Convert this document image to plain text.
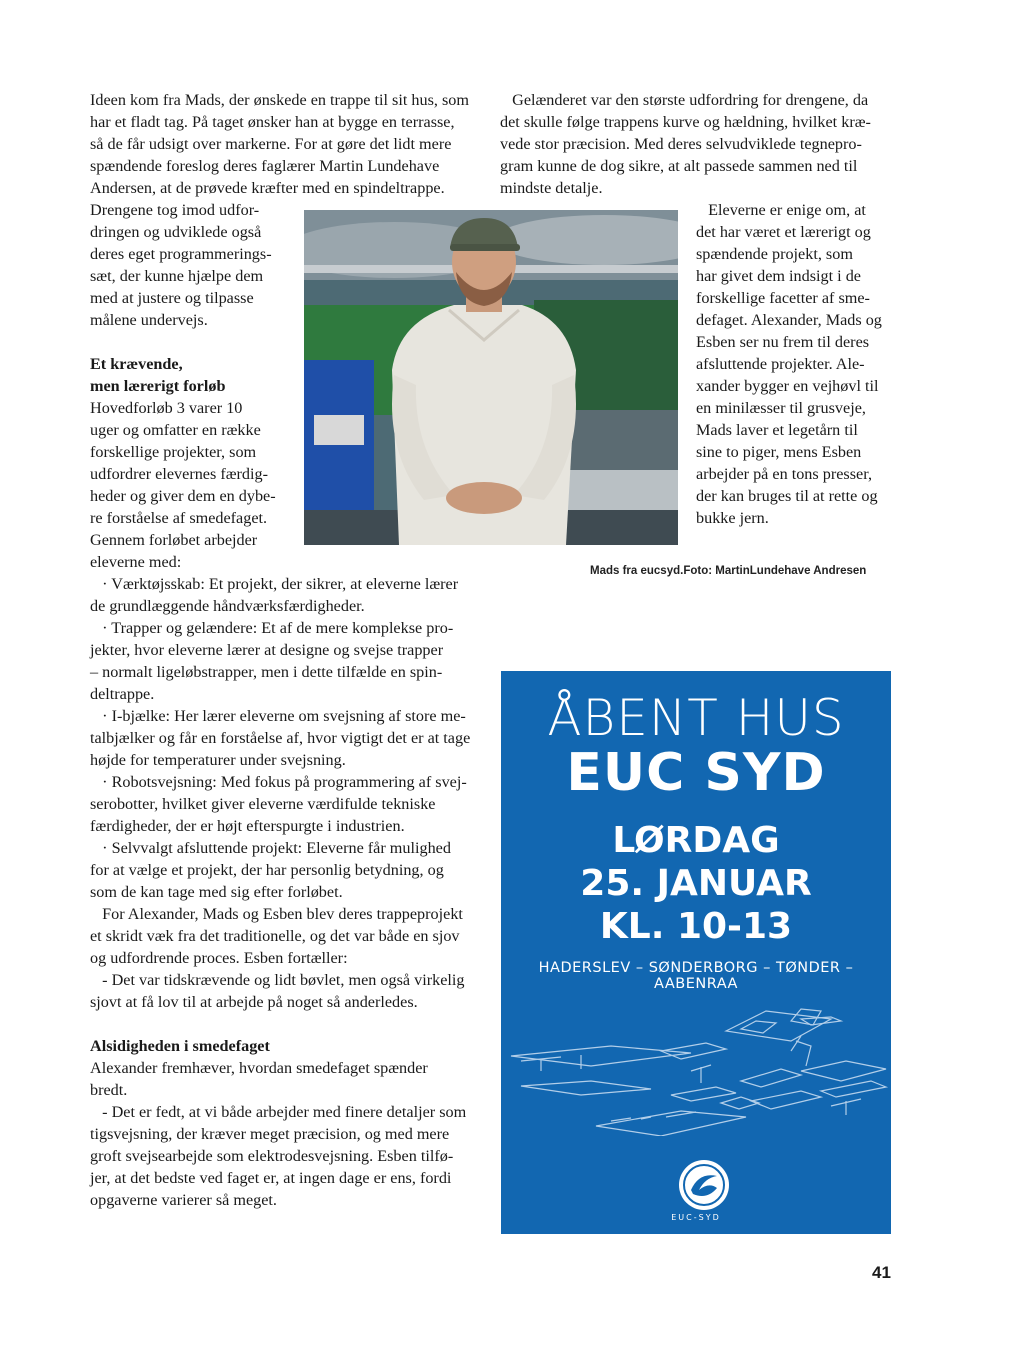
Ideen kom fra Mads, der ønskede en trappe til sit hus, som
har et fladt tag. På taget ønsker han at bygge en terrasse,
så de får udsigt over markerne. For at gøre det lidt mere
spændende foreslog deres faglærer Martin Lundehave
Andersen, at de prøvede kræfter med en spindeltrappe.
Drengene tog imod udfor-
dringen og udviklede også
deres eget programmerings-
sæt, der kunne hjælpe dem
med at justere og tilpasse
målene undervejs.
Et krævende,
men lærerigt forløb
Hovedforløb 3 varer 10
uger og omfatter en række
forskellige projekter, som
udfordrer elevernes færdig-
heder og giver dem en dybe-
re forståelse af smedefaget.
Gennem forløbet arbejder
eleverne med:
· Værktøjsskab: Et projekt, der sikrer, at eleverne lærer
de grundlæggende håndværksfærdigheder.
· Trapper og gelændere: Et af de mere komplekse pro-
jekter, hvor eleverne lærer at designe og svejse trapper
– normalt ligeløbstrapper, men i dette tilfælde en spin-
deltrappe.
· I-bjælke: Her lærer eleverne om svejsning af store me-
talbjælker og får en forståelse af, hvor vigtigt det er at tage
højde for temperaturer under svejsning.
· Robotsvejsning: Med fokus på programmering af svej-
serobotter, hvilket giver eleverne værdifulde tekniske
færdigheder, der er højt efterspurgte i industrien.
· Selvvalgt afsluttende projekt: Eleverne får mulighed
for at vælge et projekt, der har personlig betydning, og
som de kan tage med sig efter forløbet.
For Alexander, Mads og Esben blev deres trappeprojekt
et skridt væk fra det traditionelle, og det var både en sjov
og udfordrende proces. Esben fortæller:
- Det var tidskrævende og lidt bøvlet, men også virkelig
sjovt at få lov til at arbejde på noget så anderledes.
Alsidigheden i smedefaget
Alexander fremhæver, hvordan smedefaget spænder
bredt.
- Det er fedt, at vi både arbejder med finere detaljer som
tigsvejsning, der kræver meget præcision, og med mere
groft svejsearbejde som elektrodesvejsning. Esben tilfø-
jer, at det bedste ved faget er, at ingen dage er ens, fordi
opgaverne varierer så meget.
Gelænderet var den største udfordring for drengene, da
det skulle følge trappens kurve og hældning, hvilket kræ-
vede stor præcision. Med deres selvudviklede tegnepro-
gram kunne de dog sikre, at alt passede sammen ned til
mindste detalje.
Eleverne er enige om, at
det har været et lærerigt og
spændende projekt, som
har givet dem indsigt i de
forskellige facetter af sme-
defaget. Alexander, Mads og
Esben ser nu frem til deres
afsluttende projekter. Ale-
xander bygger en vejhøvl til
en minilæsser til grusveje,
Mads laver et legetårn til
sine to piger, mens Esben
arbejder på en tons presser,
der kan bruges til at rette og
bukke jern.
Mads fra eucsyd.Foto: MartinLundehave Andresen
ÅBENT HUS
EUC SYD
LØRDAG
25. JANUAR
KL. 10-13
HADERSLEV – SØNDERBORG – TØNDER – AABENRAA
EUC-SYD
41
